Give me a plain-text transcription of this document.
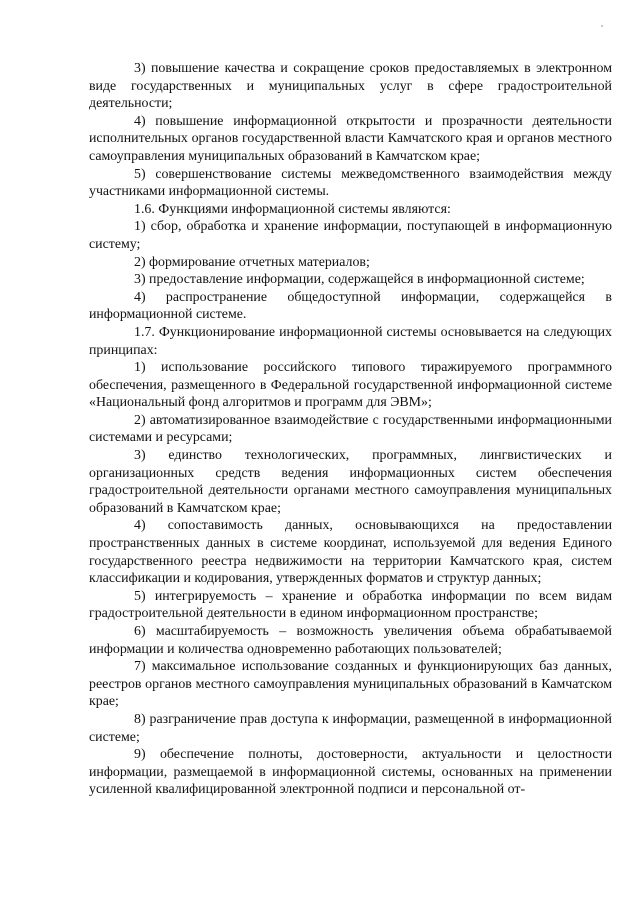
3) повышение качества и сокращение сроков предоставляемых в электронном виде государственных и муниципальных услуг в сфере градостроительной деятельности;

4) повышение информационной открытости и прозрачности деятельности исполнительных органов государственной власти Камчатского края и органов местного самоуправления муниципальных образований в Камчатском крае;

5) совершенствование системы межведомственного взаимодействия между участниками информационной системы.

1.6. Функциями информационной системы являются:

1) сбор, обработка и хранение информации, поступающей в информационную систему;

2) формирование отчетных материалов;

3) предоставление информации, содержащейся в информационной системе;

4) распространение общедоступной информации, содержащейся в информационной системе.

1.7. Функционирование информационной системы основывается на следующих принципах:

1) использование российского типового тиражируемого программного обеспечения, размещенного в Федеральной государственной информационной системе «Национальный фонд алгоритмов и программ для ЭВМ»;

2) автоматизированное взаимодействие с государственными информационными системами и ресурсами;

3) единство технологических, программных, лингвистических и организационных средств ведения информационных систем обеспечения градостроительной деятельности органами местного самоуправления муниципальных образований в Камчатском крае;

4) сопоставимость данных, основывающихся на предоставлении пространственных данных в системе координат, используемой для ведения Единого государственного реестра недвижимости на территории Камчатского края, систем классификации и кодирования, утвержденных форматов и структур данных;

5) интегрируемость – хранение и обработка информации по всем видам градостроительной деятельности в едином информационном пространстве;

6) масштабируемость – возможность увеличения объема обрабатываемой информации и количества одновременно работающих пользователей;

7) максимальное использование созданных и функционирующих баз данных, реестров органов местного самоуправления муниципальных образований в Камчатском крае;

8) разграничение прав доступа к информации, размещенной в информационной системе;

9) обеспечение полноты, достоверности, актуальности и целостности информации, размещаемой в информационной системы, основанных на применении усиленной квалифицированной электронной подписи и персональной от-
